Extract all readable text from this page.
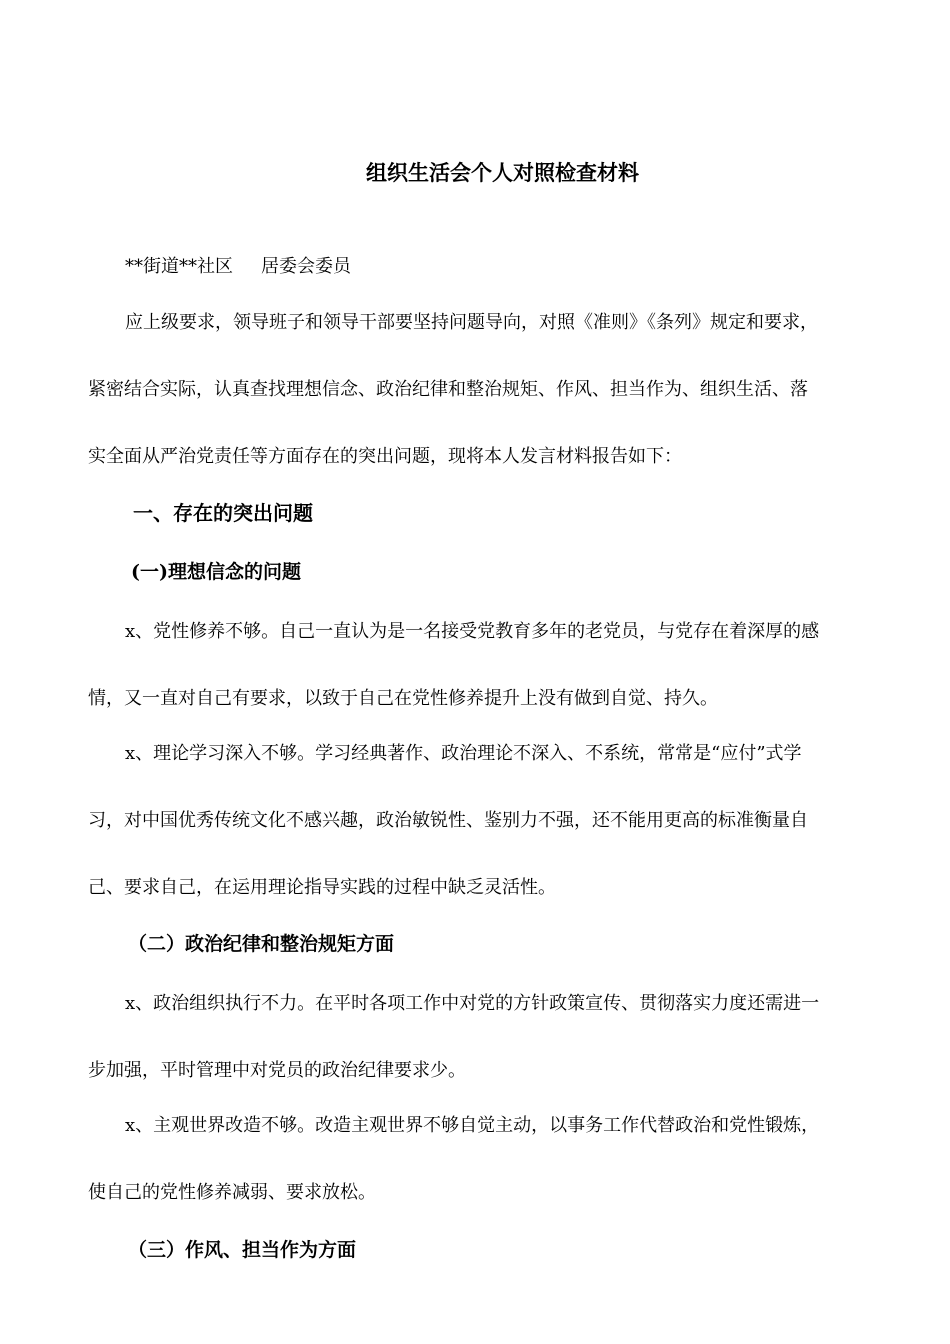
组织生活会个人对照检查材料
**街道**社区 居委会委员
应上级要求，领导班子和领导干部要坚持问题导向，对照《准则》《条列》规定和要求，
紧密结合实际，认真查找理想信念、政治纪律和整治规矩、作风、担当作为、组织生活、落
实全面从严治党责任等方面存在的突出问题，现将本人发言材料报告如下：
一、存在的突出问题
(一)理想信念的问题
x、党性修养不够。自己一直认为是一名接受党教育多年的老党员，与党存在着深厚的感
情，又一直对自己有要求，以致于自己在党性修养提升上没有做到自觉、持久。
x、理论学习深入不够。学习经典著作、政治理论不深入、不系统，常常是“应付”式学
习，对中国优秀传统文化不感兴趣，政治敏锐性、鉴别力不强，还不能用更高的标准衡量自
己、要求自己，在运用理论指导实践的过程中缺乏灵活性。
（二）政治纪律和整治规矩方面
x、政治组织执行不力。在平时各项工作中对党的方针政策宣传、贯彻落实力度还需进一
步加强，平时管理中对党员的政治纪律要求少。
x、主观世界改造不够。改造主观世界不够自觉主动，以事务工作代替政治和党性锻炼，
使自己的党性修养减弱、要求放松。
（三）作风、担当作为方面
